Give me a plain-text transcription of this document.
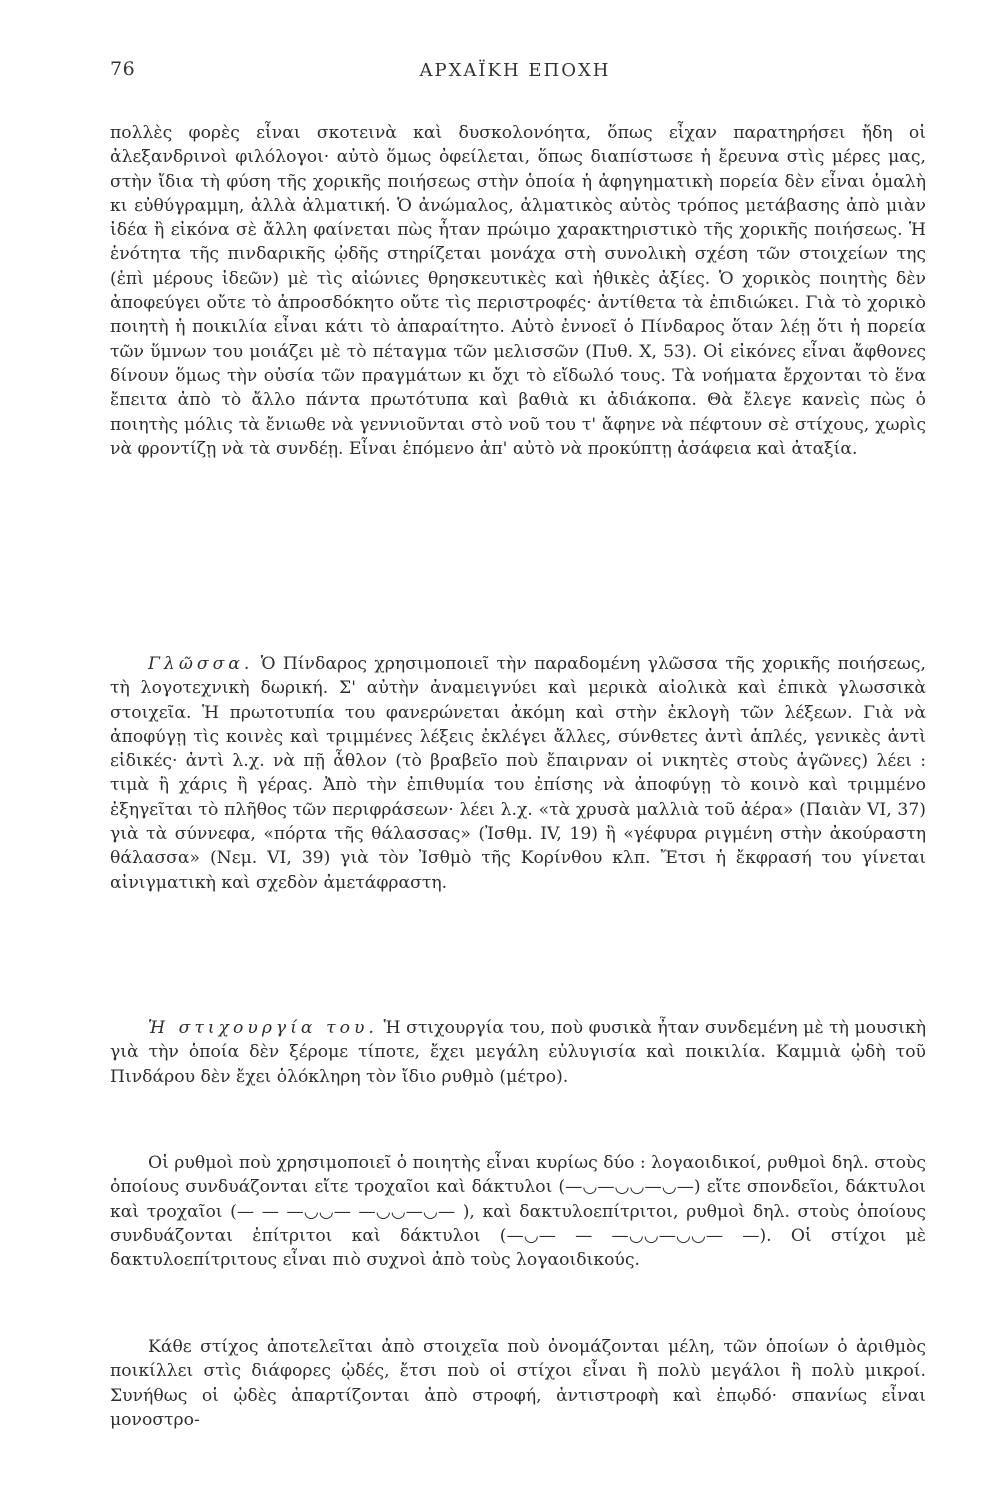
76	ΑΡΧΑΪΚΗ ΕΠΟΧΗ

πολλὲς φορὲς εἶναι σκοτεινὰ καὶ δυσκολονόητα, ὅπως εἶχαν παρατηρήσει ἤδη οἱ ἀλεξανδρινοὶ φιλόλογοι· αὐτὸ ὅμως ὀφείλεται, ὅπως διαπίστωσε ἡ ἔρευνα στὶς μέρες μας, στὴν ἴδια τὴ φύση τῆς χορικῆς ποιήσεως στὴν ὁποία ἡ ἀφηγηματικὴ πορεία δὲν εἶναι ὁμαλὴ κι εὐθύγραμμη, ἀλλὰ ἀλματική. Ὁ ἀνώμαλος, ἀλματικὸς αὐτὸς τρόπος μετάβασης ἀπὸ μιὰν ἰδέα ἢ εἰκόνα σὲ ἄλλη φαίνεται πὼς ἦταν πρώιμο χαρακτηριστικὸ τῆς χορικῆς ποιήσεως. Ἡ ἑνότητα τῆς πινδαρικῆς ᾠδῆς στηρίζεται μονάχα στὴ συνολικὴ σχέση τῶν στοιχείων της (ἐπὶ μέρους ἰδεῶν) μὲ τὶς αἰώνιες θρησκευτικὲς καὶ ἠθικὲς ἀξίες. Ὁ χορικὸς ποιητὴς δὲν ἀποφεύγει οὔτε τὸ ἀπροσδόκητο οὔτε τὶς περιστροφές· ἀντίθετα τὰ ἐπιδιώκει. Γιὰ τὸ χορικὸ ποιητὴ ἡ ποικιλία εἶναι κάτι τὸ ἀπαραίτητο. Αὐτὸ ἐννοεῖ ὁ Πίνδαρος ὅταν λέῃ ὅτι ἡ πορεία τῶν ὕμνων του μοιάζει μὲ τὸ πέταγμα τῶν μελισσῶν (Πυθ. Χ, 53). Οἱ εἰκόνες εἶναι ἄφθονες δίνουν ὅμως τὴν οὐσία τῶν πραγμάτων κι ὄχι τὸ εἴδωλό τους. Τὰ νοήματα ἔρχονται τὸ ἕνα ἔπειτα ἀπὸ τὸ ἄλλο πάντα πρωτότυπα καὶ βαθιὰ κι ἀδιάκοπα. Θὰ ἔλεγε κανεὶς πὼς ὁ ποιητὴς μόλις τὰ ἔνιωθε νὰ γεννιοῦνται στὸ νοῦ του τ' ἄφηνε νὰ πέφτουν σὲ στίχους, χωρὶς νὰ φροντίζῃ νὰ τὰ συνδέῃ. Εἶναι ἑπόμενο ἀπ' αὐτὸ νὰ προκύπτῃ ἀσάφεια καὶ ἀταξία.

Γλῶσσα. Ὁ Πίνδαρος χρησιμοποιεῖ τὴν παραδομένη γλῶσσα τῆς χορικῆς ποιήσεως, τὴ λογοτεχνικὴ δωρική. Σ' αὐτὴν ἀναμειγνύει καὶ μερικὰ αἰολικὰ καὶ ἐπικὰ γλωσσικὰ στοιχεῖα. Ἡ πρωτοτυπία του φανερώνεται ἀκόμη καὶ στὴν ἐκλογὴ τῶν λέξεων. Γιὰ νὰ ἀποφύγῃ τὶς κοινὲς καὶ τριμμένες λέξεις ἐκλέγει ἄλλες, σύνθετες ἀντὶ ἁπλές, γενικὲς ἀντὶ εἰδικές· ἀντὶ λ.χ. νὰ πῇ ἆθλον (τὸ βραβεῖο ποὺ ἔπαιρναν οἱ νικητὲς στοὺς ἀγῶνες) λέει : τιμὰ ἢ χάρις ἢ γέρας. Ἀπὸ τὴν ἐπιθυμία του ἐπίσης νὰ ἀποφύγῃ τὸ κοινὸ καὶ τριμμένο ἐξηγεῖται τὸ πλῆθος τῶν περιφράσεων· λέει λ.χ. «τὰ χρυσὰ μαλλιὰ τοῦ ἀέρα» (Παιὰν VI, 37) γιὰ τὰ σύννεφα, «πόρτα τῆς θάλασσας» (Ἰσθμ. IV, 19) ἢ «γέφυρα ριγμένη στὴν ἀκούραστη θάλασσα» (Νεμ. VI, 39) γιὰ τὸν Ἰσθμὸ τῆς Κορίνθου κλπ. Ἔτσι ἡ ἔκφρασή του γίνεται αἰνιγματικὴ καὶ σχεδὸν ἀμετάφραστη.

Ἡ στιχουργία του. Ἡ στιχουργία του, ποὺ φυσικὰ ἦταν συνδεμένη μὲ τὴ μουσικὴ γιὰ τὴν ὁποία δὲν ξέρομε τίποτε, ἔχει μεγάλη εὐλυγισία καὶ ποικιλία. Καμμιὰ ᾠδὴ τοῦ Πινδάρου δὲν ἔχει ὁλόκληρη τὸν ἴδιο ρυθμὸ (μέτρο).

Οἱ ρυθμοὶ ποὺ χρησιμοποιεῖ ὁ ποιητὴς εἶναι κυρίως δύο : λογαοιδικοί, ρυθμοὶ δηλ. στοὺς ὁποίους συνδυάζονται εἴτε τροχαῖοι καὶ δάκτυλοι (—◡—◡◡—◡—) εἴτε σπονδεῖοι, δάκτυλοι καὶ τροχαῖοι (— — —◡◡— —◡◡—◡— ), καὶ δακτυλοεπίτριτοι, ρυθμοὶ δηλ. στοὺς ὁποίους συνδυάζονται ἐπίτριτοι καὶ δάκτυλοι (—◡— — —◡◡—◡◡— —). Οἱ στίχοι μὲ δακτυλοεπίτριτους εἶναι πιὸ συχνοὶ ἀπὸ τοὺς λογαοιδικούς.

Κάθε στίχος ἀποτελεῖται ἀπὸ στοιχεῖα ποὺ ὀνομάζονται μέλη, τῶν ὁποίων ὁ ἀριθμὸς ποικίλλει στὶς διάφορες ᾠδές, ἔτσι ποὺ οἱ στίχοι εἶναι ἢ πολὺ μεγάλοι ἢ πολὺ μικροί. Συνήθως οἱ ᾠδὲς ἀπαρτίζονται ἀπὸ στροφή, ἀντιστροφὴ καὶ ἐπῳδό· σπανίως εἶναι μονοστρο-
